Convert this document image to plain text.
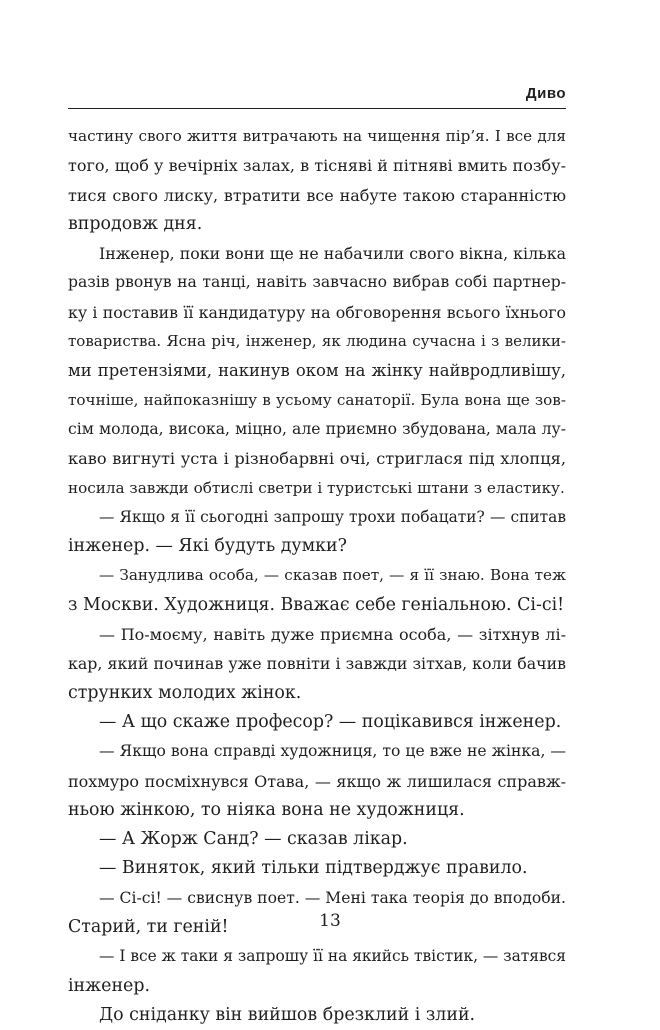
Диво

частину свого життя витрачають на чищення пір’я. І все для

того, щоб у вечірніх залах, в тісняві й пітняві вмить позбу-

тися свого лиску, втратити все набуте такою старанністю

впродовж дня.

Інженер, поки вони ще не набачили свого вікна, кілька

разів рвонув на танці, навіть завчасно вибрав собі партнер-

ку і поставив її кандидатуру на обговорення всього їхнього

товариства. Ясна річ, інженер, як людина сучасна і з велики-

ми претензіями, накинув оком на жінку найвродливішу,

точніше, найпоказнішу в усьому санаторії. Була вона ще зов-

сім молода, висока, міцно, але приємно збудована, мала лу-

каво вигнуті уста і різнобарвні очі, стриглася під хлопця,

носила завжди обтислі светри і туристські штани з еластику.

— Якщо я її сьогодні запрошу трохи побацати? — спитав

інженер. — Які будуть думки?

— Занудлива особа, — сказав поет, — я її знаю. Вона теж

з Москви. Художниця. Вважає себе геніальною. Сі-сі!

— По-моєму, навіть дуже приємна особа, — зітхнув лі-

кар, який починав уже повніти і завжди зітхав, коли бачив

струнких молодих жінок.

— А що скаже професор? — поцікавився інженер.

— Якщо вона справді художниця, то це вже не жінка, —

похмуро посміхнувся Отава, — якщо ж лишилася справж-

ньою жінкою, то ніяка вона не художниця.

— А Жорж Санд? — сказав лікар.

— Виняток, який тільки підтверджує правило.

— Сі-сі! — свиснув поет. — Мені така теорія до вподоби.

Старий, ти геній!

— І все ж таки я запрошу її на якийсь твістик, — затявся

інженер.

До сніданку він вийшов брезклий і злий.

13
